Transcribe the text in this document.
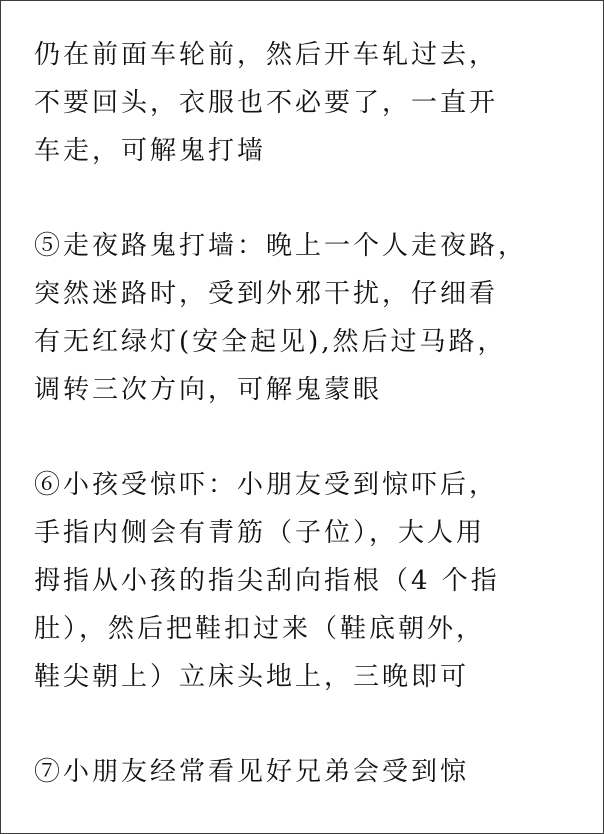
仍在前面车轮前，然后开车轧过去，
不要回头，衣服也不必要了，一直开
车走，可解鬼打墙
⑤走夜路鬼打墙：晚上一个人走夜路，
突然迷路时，受到外邪干扰，仔细看
有无红绿灯(安全起见),然后过马路，
调转三次方向，可解鬼蒙眼
⑥小孩受惊吓：小朋友受到惊吓后，
手指内侧会有青筋（子位），大人用
拇指从小孩的指尖刮向指根（4 个指
肚），然后把鞋扣过来（鞋底朝外，
鞋尖朝上）立床头地上，三晚即可
⑦小朋友经常看见好兄弟会受到惊
